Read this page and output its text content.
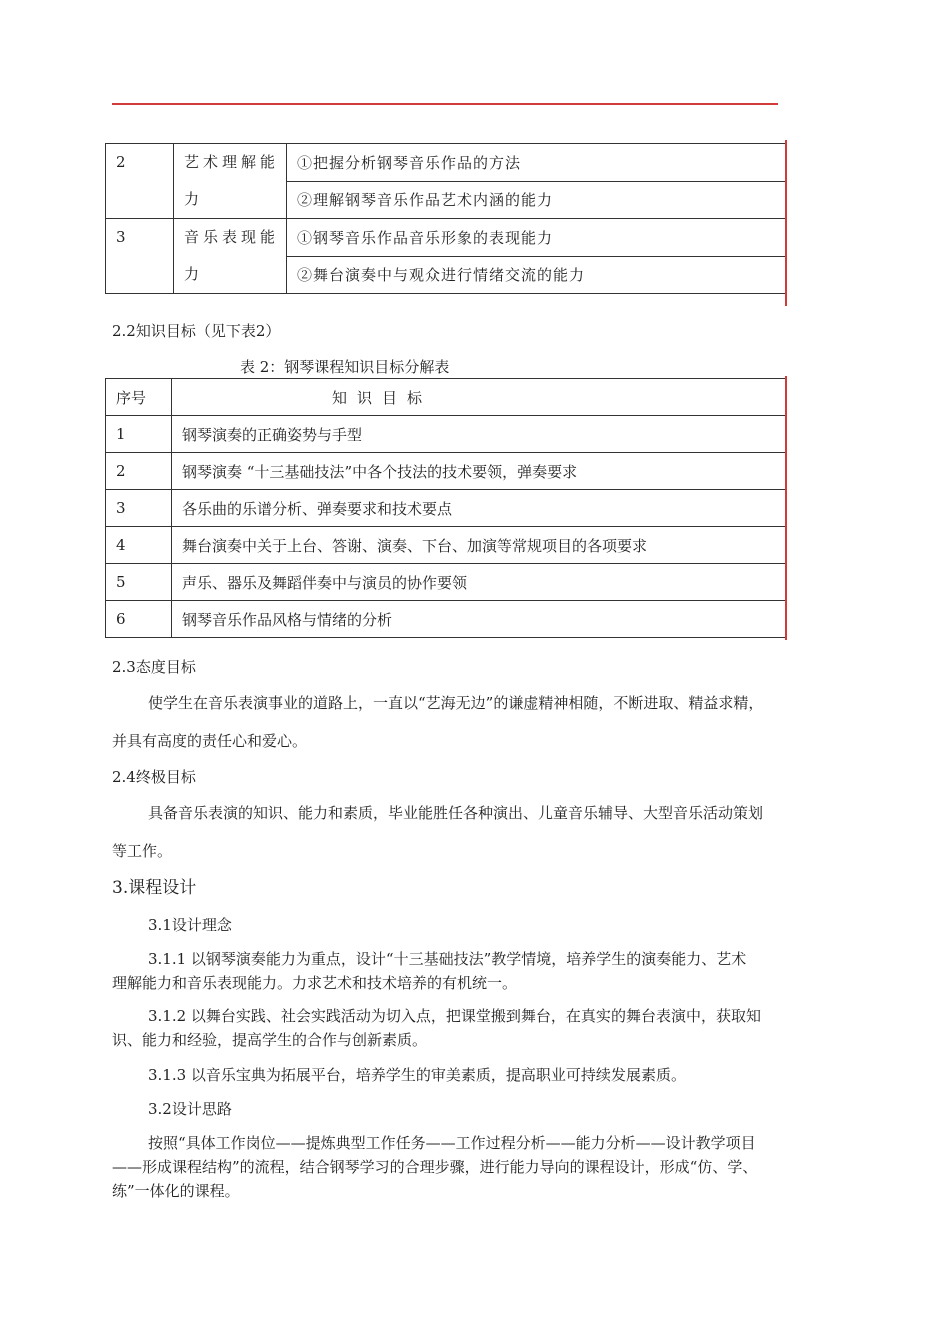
2	艺术理解能力	①把握分析钢琴音乐作品的方法
		②理解钢琴音乐作品艺术内涵的能力
3	音乐表现能力	①钢琴音乐作品音乐形象的表现能力
		②舞台演奏中与观众进行情绪交流的能力
2.2知识目标（见下表2）
表 2：钢琴课程知识目标分解表
序号	知识目标
1	钢琴演奏的正确姿势与手型
2	钢琴演奏 “十三基础技法”中各个技法的技术要领，弹奏要求
3	各乐曲的乐谱分析、弹奏要求和技术要点
4	舞台演奏中关于上台、答谢、演奏、下台、加演等常规项目的各项要求
5	声乐、器乐及舞蹈伴奏中与演员的协作要领
6	钢琴音乐作品风格与情绪的分析
2.3态度目标
使学生在音乐表演事业的道路上，一直以“艺海无边”的谦虚精神相随，不断进取、精益求精，
并具有高度的责任心和爱心。
2.4终极目标
具备音乐表演的知识、能力和素质，毕业能胜任各种演出、儿童音乐辅导、大型音乐活动策划
等工作。
3.课程设计
3.1设计理念
3.1.1 以钢琴演奏能力为重点，设计“十三基础技法”教学情境，培养学生的演奏能力、艺术
理解能力和音乐表现能力。力求艺术和技术培养的有机统一。
3.1.2 以舞台实践、社会实践活动为切入点，把课堂搬到舞台，在真实的舞台表演中，获取知
识、能力和经验，提高学生的合作与创新素质。
3.1.3 以音乐宝典为拓展平台，培养学生的审美素质，提高职业可持续发展素质。
3.2设计思路
按照“具体工作岗位——提炼典型工作任务——工作过程分析——能力分析——设计教学项目
——形成课程结构”的流程，结合钢琴学习的合理步骤，进行能力导向的课程设计，形成“仿、学、
练”一体化的课程。
